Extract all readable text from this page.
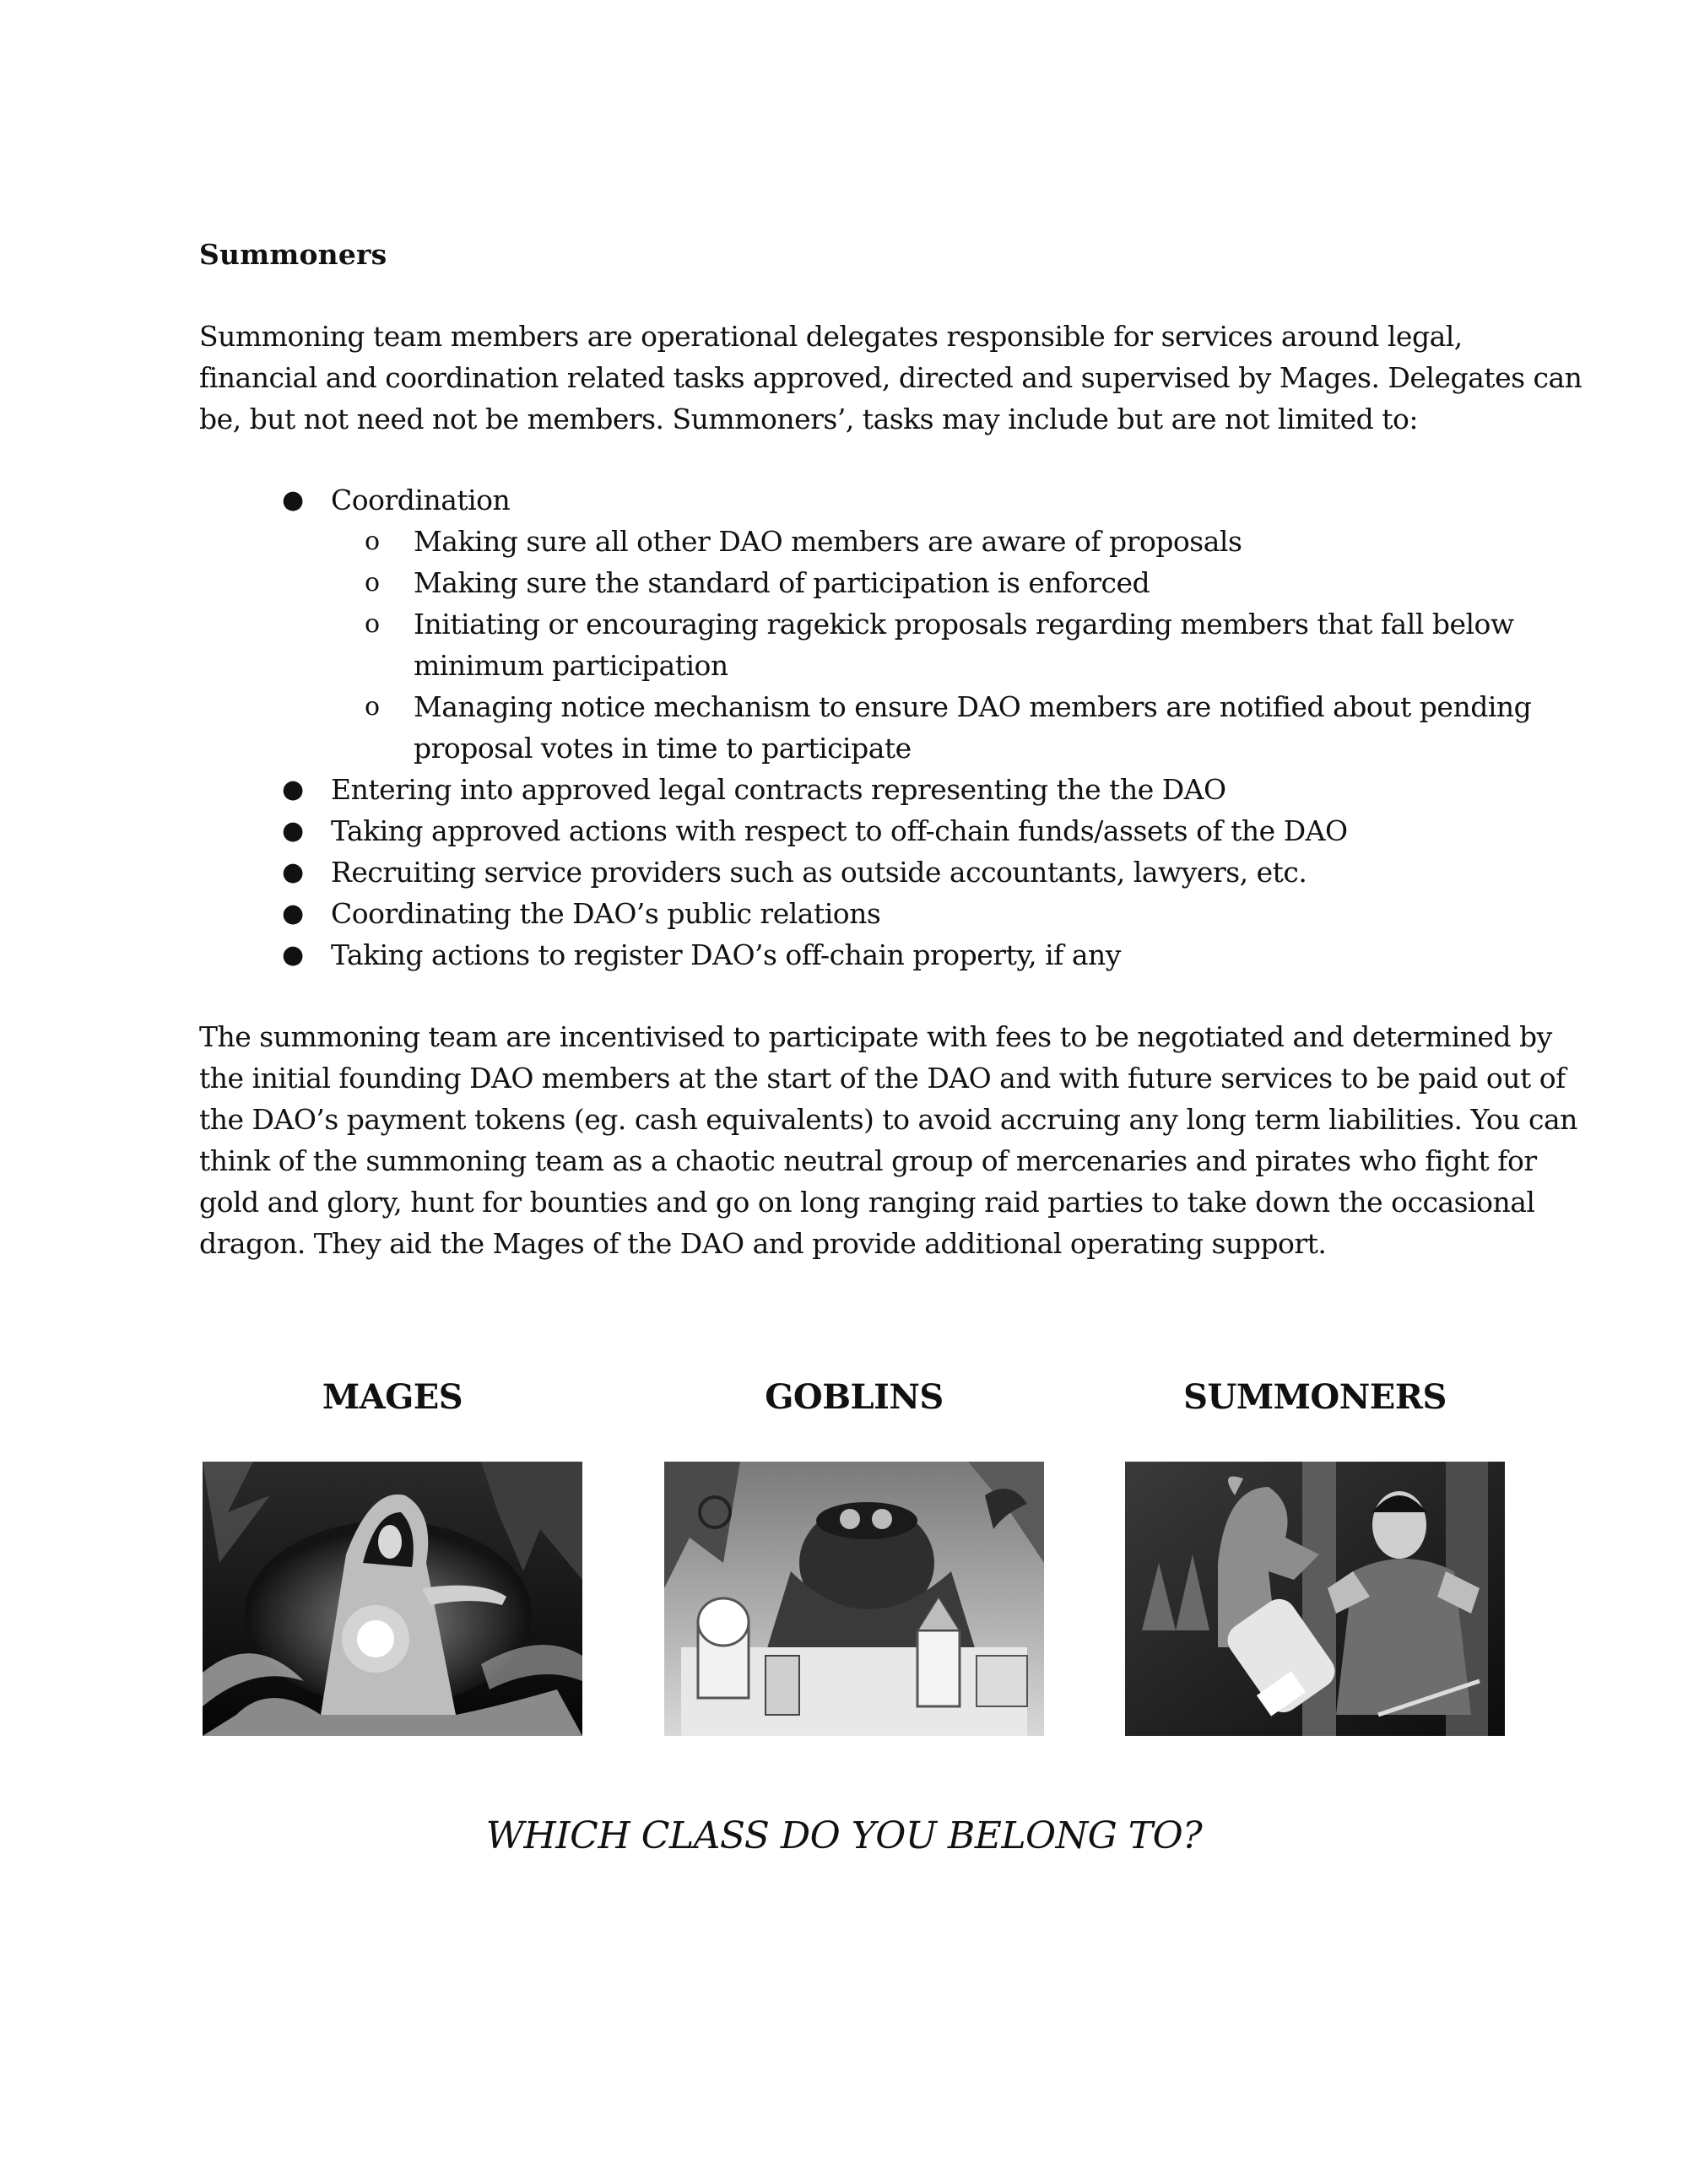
Summoners
Summoning team members are operational delegates responsible for services around legal,
financial and coordination related tasks approved, directed and supervised by Mages. Delegates can
be, but not need not be members. Summoners’, tasks may include but are not limited to:
● Coordination
o Making sure all other DAO members are aware of proposals
o Making sure the standard of participation is enforced
o Initiating or encouraging ragekick proposals regarding members that fall below
minimum participation
o Managing notice mechanism to ensure DAO members are notified about pending
proposal votes in time to participate
● Entering into approved legal contracts representing the the DAO
● Taking approved actions with respect to off-chain funds/assets of the DAO
● Recruiting service providers such as outside accountants, lawyers, etc.
● Coordinating the DAO’s public relations
● Taking actions to register DAO’s off-chain property, if any
The summoning team are incentivised to participate with fees to be negotiated and determined by
the initial founding DAO members at the start of the DAO and with future services to be paid out of
the DAO’s payment tokens (eg. cash equivalents) to avoid accruing any long term liabilities. You can
think of the summoning team as a chaotic neutral group of mercenaries and pirates who fight for
gold and glory, hunt for bounties and go on long ranging raid parties to take down the occasional
dragon. They aid the Mages of the DAO and provide additional operating support.
MAGES	GOBLINS	SUMMONERS
WHICH CLASS DO YOU BELONG TO?
